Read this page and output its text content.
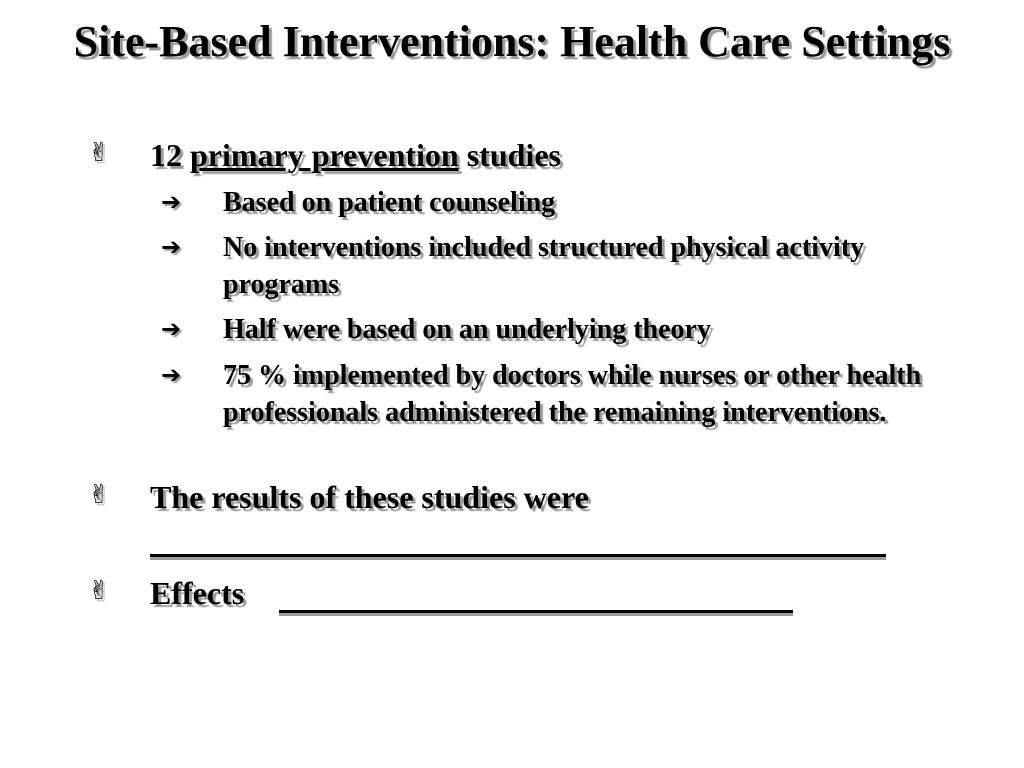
Site-Based Interventions: Health Care Settings
✌ 12 primary prevention studies
➔ Based on patient counseling
➔ No interventions included structured physical activity programs
➔ Half were based on an underlying theory
➔ 75 % implemented by doctors while nurses or other health professionals administered the remaining interventions.
✌ The results of these studies were
✌ Effects
